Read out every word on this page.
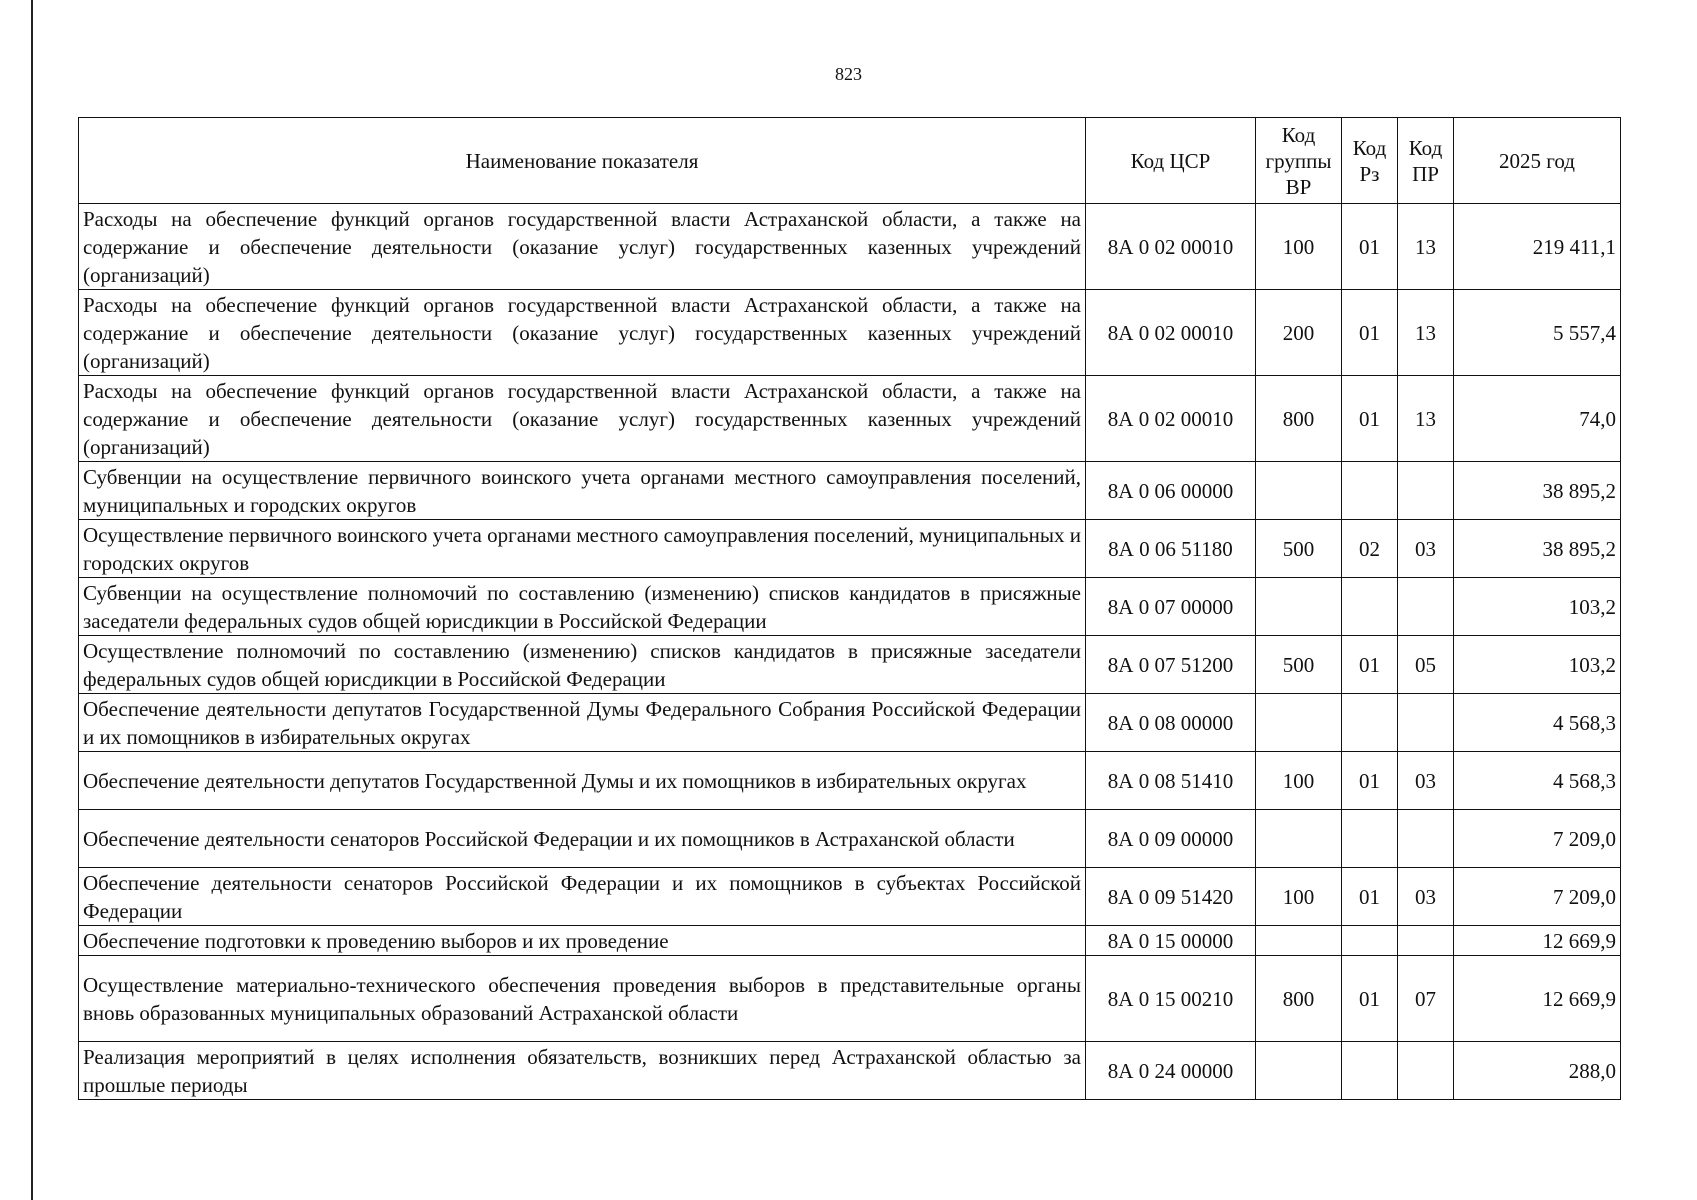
823
Наименование показателя	Код ЦСР	Код группы ВР	Код Рз	Код ПР	2025 год
Расходы на обеспечение функций органов государственной власти Астраханской области, а также на содержание и обеспечение деятельности (оказание услуг) государственных казенных учреждений (организаций)	8А 0 02 00010	100	01	13	219 411,1
Расходы на обеспечение функций органов государственной власти Астраханской области, а также на содержание и обеспечение деятельности (оказание услуг) государственных казенных учреждений (организаций)	8А 0 02 00010	200	01	13	5 557,4
Расходы на обеспечение функций органов государственной власти Астраханской области, а также на содержание и обеспечение деятельности (оказание услуг) государственных казенных учреждений (организаций)	8А 0 02 00010	800	01	13	74,0
Субвенции на осуществление первичного воинского учета органами местного самоуправления поселений, муниципальных и городских округов	8А 0 06 00000				38 895,2
Осуществление первичного воинского учета органами местного самоуправления поселений, муниципальных и городских округов	8А 0 06 51180	500	02	03	38 895,2
Субвенции на осуществление полномочий по составлению (изменению) списков кандидатов в присяжные заседатели федеральных судов общей юрисдикции в Российской Федерации	8А 0 07 00000				103,2
Осуществление полномочий по составлению (изменению) списков кандидатов в присяжные заседатели федеральных судов общей юрисдикции в Российской Федерации	8А 0 07 51200	500	01	05	103,2
Обеспечение деятельности депутатов Государственной Думы Федерального Собрания Российской Федерации и их помощников в избирательных округах	8А 0 08 00000				4 568,3
Обеспечение деятельности депутатов Государственной Думы и их помощников в избирательных округах	8А 0 08 51410	100	01	03	4 568,3
Обеспечение деятельности сенаторов Российской Федерации и их помощников в Астраханской области	8А 0 09 00000				7 209,0
Обеспечение деятельности сенаторов Российской Федерации и их помощников в субъектах Российской Федерации	8А 0 09 51420	100	01	03	7 209,0
Обеспечение подготовки к проведению выборов и их проведение	8А 0 15 00000				12 669,9
Осуществление материально-технического обеспечения проведения выборов в представительные органы вновь образованных муниципальных образований Астраханской области	8А 0 15 00210	800	01	07	12 669,9
Реализация мероприятий в целях исполнения обязательств, возникших перед Астраханской областью за прошлые периоды	8А 0 24 00000				288,0
